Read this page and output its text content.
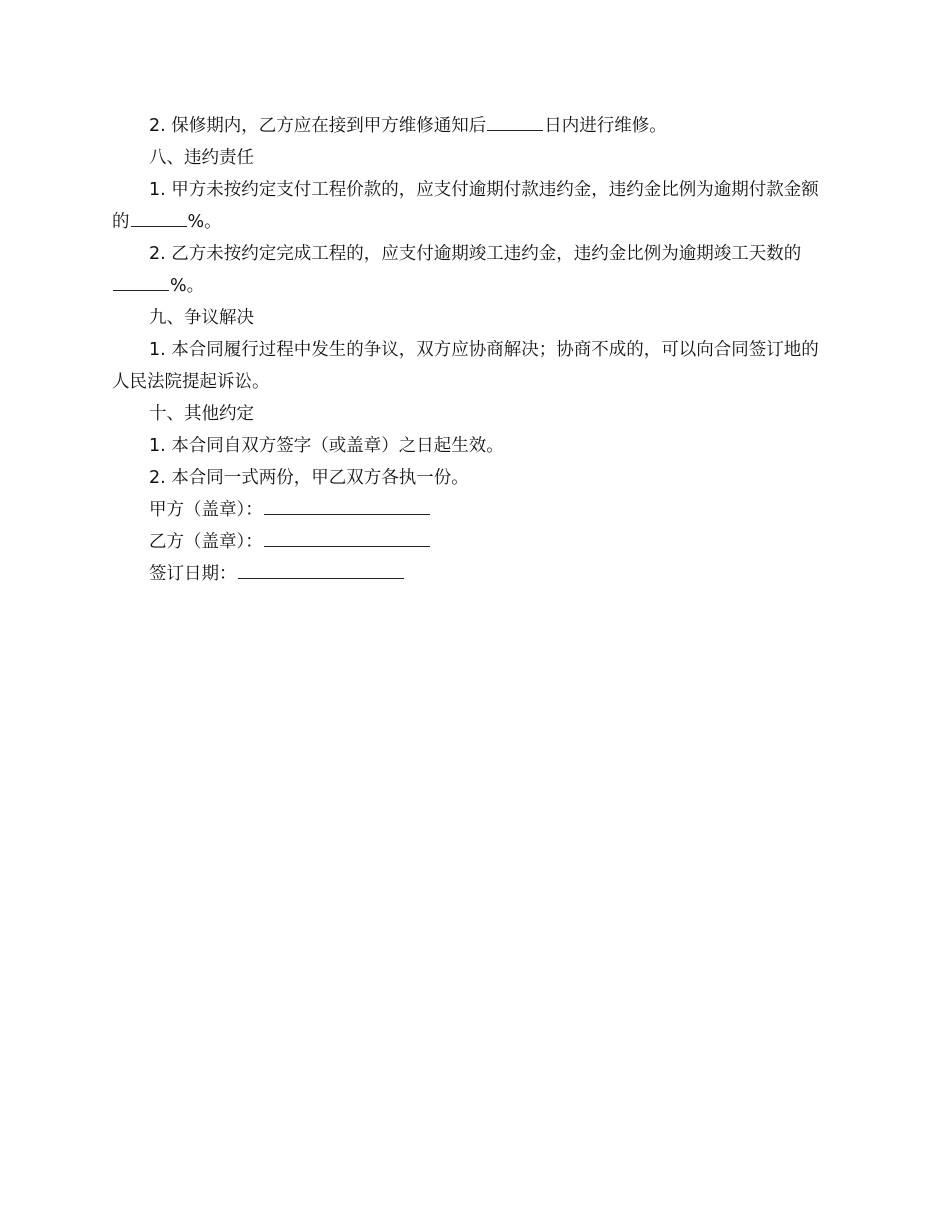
2. 保修期内，乙方应在接到甲方维修通知后	日内进行维修。

八、违约责任

1. 甲方未按约定支付工程价款的，应支付逾期付款违约金，违约金比例为逾期付款金额的	%。

2. 乙方未按约定完成工程的，应支付逾期竣工违约金，违约金比例为逾期竣工天数的%。

九、争议解决

1. 本合同履行过程中发生的争议，双方应协商解决；协商不成的，可以向合同签订地的人民法院提起诉讼。

十、其他约定

1. 本合同自双方签字（或盖章）之日起生效。

2. 本合同一式两份，甲乙双方各执一份。

甲方（盖章）：

乙方（盖章）：

签订日期：
